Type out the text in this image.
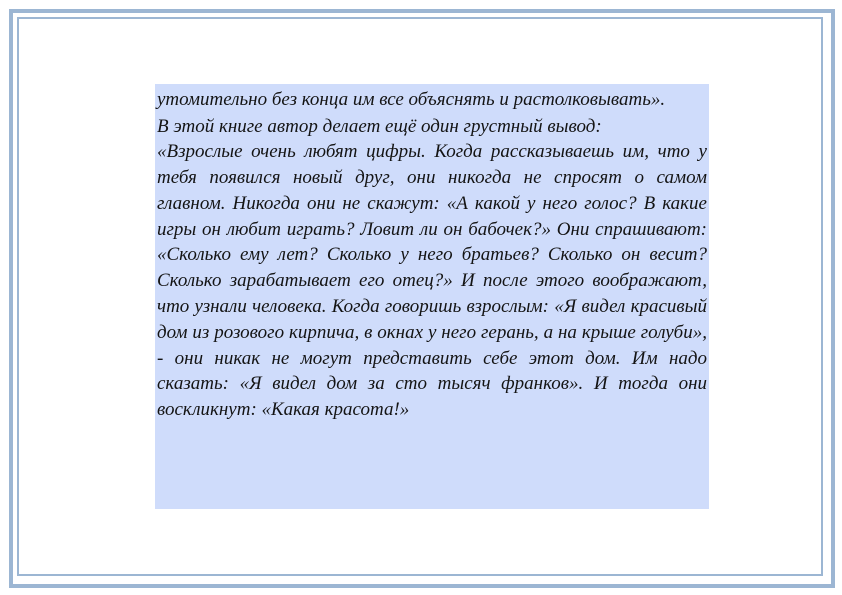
утомительно без конца им все объяснять и растолковывать».

В этой книге автор делает ещё один грустный вывод:

«Взрослые очень любят цифры. Когда рассказываешь им, что у тебя появился новый друг, они никогда не спросят о самом главном. Никогда они не скажут: «А какой у него голос? В какие игры он любит играть? Ловит ли он бабочек?» Они спрашивают: «Сколько ему лет? Сколько у него братьев? Сколько он весит? Сколько зарабатывает его отец?» И после этого воображают, что узнали человека. Когда говоришь взрослым: «Я видел красивый дом из розового кирпича, в окнах у него герань, а на крыше голуби», - они никак не могут представить себе этот дом. Им надо сказать: «Я видел дом за сто тысяч франков». И тогда они воскликнут: «Какая красота!»
